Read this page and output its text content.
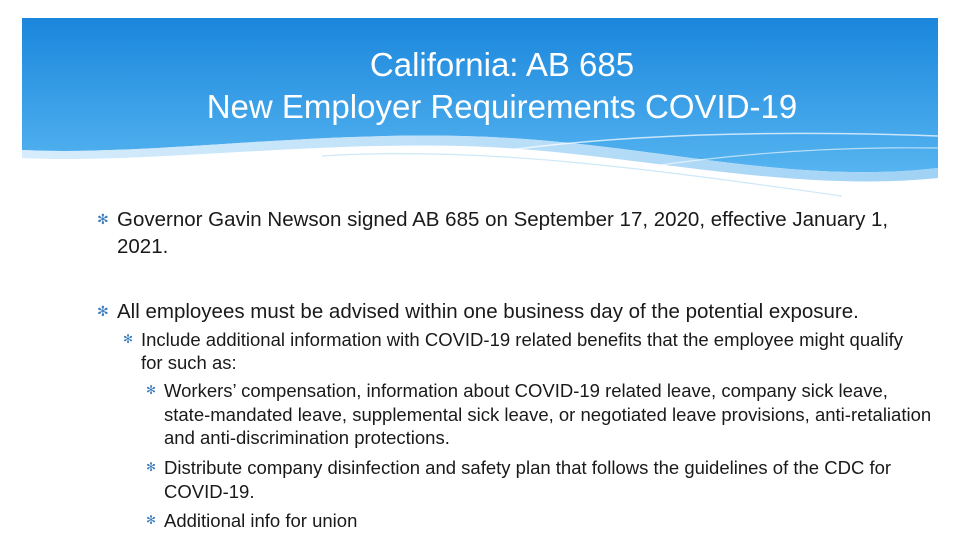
California: AB 685
New Employer Requirements COVID-19
✻ Governor Gavin Newson signed AB 685 on September 17, 2020, effective January 1, 2021.
✻ All employees must be advised within one business day of the potential exposure.
✻ Include additional information with COVID-19 related benefits that the employee might qualify for such as:
✻ Workers’ compensation, information about COVID-19 related leave, company sick leave, state-mandated leave, supplemental sick leave, or negotiated leave provisions, anti-retaliation and anti-discrimination protections.
✻ Distribute company disinfection and safety plan that follows the guidelines of the CDC for COVID-19.
✻ Additional info for union
